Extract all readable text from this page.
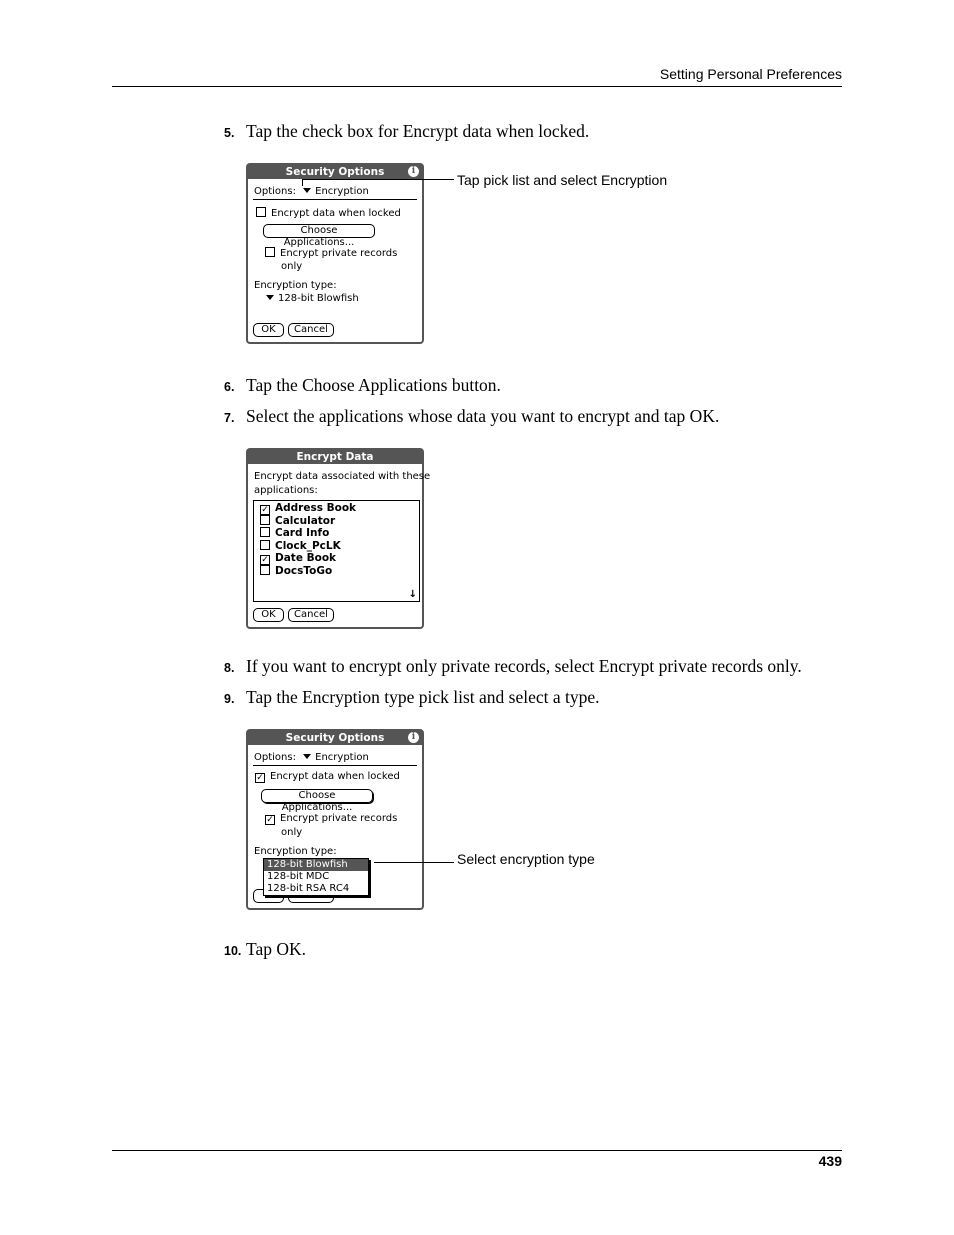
Setting Personal Preferences
5. Tap the check box for Encrypt data when locked.
Security Options	i
Options: Encryption
Encrypt data when locked
Choose Applications...
Encrypt private records
only
Encryption type:
128-bit Blowfish
OK	Cancel
Tap pick list and select Encryption
6. Tap the Choose Applications button.
7. Select the applications whose data you want to encrypt and tap OK.
Encrypt Data
Encrypt data associated with these
applications:
✓ Address Book
Calculator
Card Info
Clock_PcLK
✓ Date Book
DocsToGo
↓
OK	Cancel
8. If you want to encrypt only private records, select Encrypt private records only.
9. Tap the Encryption type pick list and select a type.
Security Options	i
Options: Encryption
✓ Encrypt data when locked
Choose Applications...
✓ Encrypt private records
only
Encryption type:
128-bit Blowfish
128-bit MDC
128-bit RSA RC4
Select encryption type
10. Tap OK.
439
